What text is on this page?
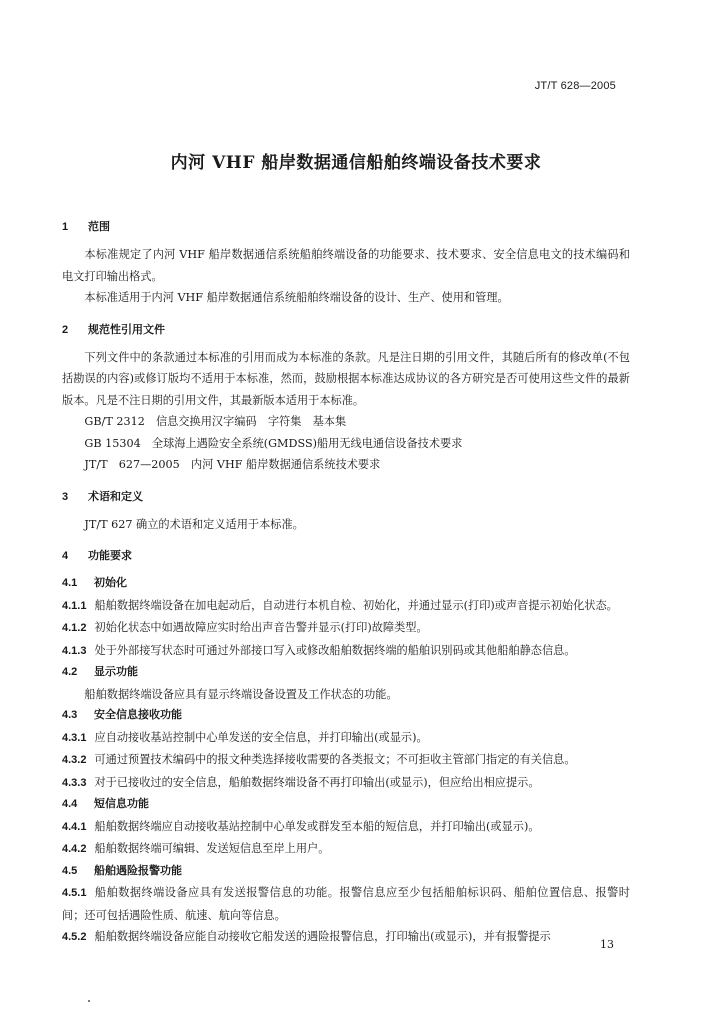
JT/T 628—2005
内河 VHF 船岸数据通信船舶终端设备技术要求

1 范围

本标准规定了内河 VHF 船岸数据通信系统船舶终端设备的功能要求、技术要求、安全信息电文的技术编码和电文打印输出格式。

本标准适用于内河 VHF 船岸数据通信系统船舶终端设备的设计、生产、使用和管理。

2 规范性引用文件

下列文件中的条款通过本标准的引用而成为本标准的条款。凡是注日期的引用文件，其随后所有的修改单(不包括勘误的内容)或修订版均不适用于本标准，然而，鼓励根据本标准达成协议的各方研究是否可使用这些文件的最新版本。凡是不注日期的引用文件，其最新版本适用于本标准。

GB/T 2312　信息交换用汉字编码　字符集　基本集

GB 15304　全球海上遇险安全系统(GMDSS)船用无线电通信设备技术要求

JT/T　627—2005　内河 VHF 船岸数据通信系统技术要求

3 术语和定义

JT/T 627 确立的术语和定义适用于本标准。

4 功能要求

4.1 初始化

4.1.1 船舶数据终端设备在加电起动后，自动进行本机自检、初始化，并通过显示(打印)或声音提示初始化状态。

4.1.2 初始化状态中如遇故障应实时给出声音告警并显示(打印)故障类型。

4.1.3 处于外部接写状态时可通过外部接口写入或修改船舶数据终端的船舶识别码或其他船舶静态信息。

4.2 显示功能

船舶数据终端设备应具有显示终端设备设置及工作状态的功能。

4.3 安全信息接收功能

4.3.1 应自动接收基站控制中心单发送的安全信息，并打印输出(或显示)。

4.3.2 可通过预置技术编码中的报文种类选择接收需要的各类报文；不可拒收主管部门指定的有关信息。

4.3.3 对于已接收过的安全信息，船舶数据终端设备不再打印输出(或显示)，但应给出相应提示。

4.4 短信息功能

4.4.1 船舶数据终端应自动接收基站控制中心单发或群发至本船的短信息，并打印输出(或显示)。

4.4.2 船舶数据终端可编辑、发送短信息至岸上用户。

4.5 船舶遇险报警功能

4.5.1 船舶数据终端设备应具有发送报警信息的功能。报警信息应至少包括船舶标识码、船舶位置信息、报警时间；还可包括遇险性质、航速、航向等信息。

4.5.2 船舶数据终端设备应能自动接收它船发送的遇险报警信息，打印输出(或显示)，并有报警提示

13
